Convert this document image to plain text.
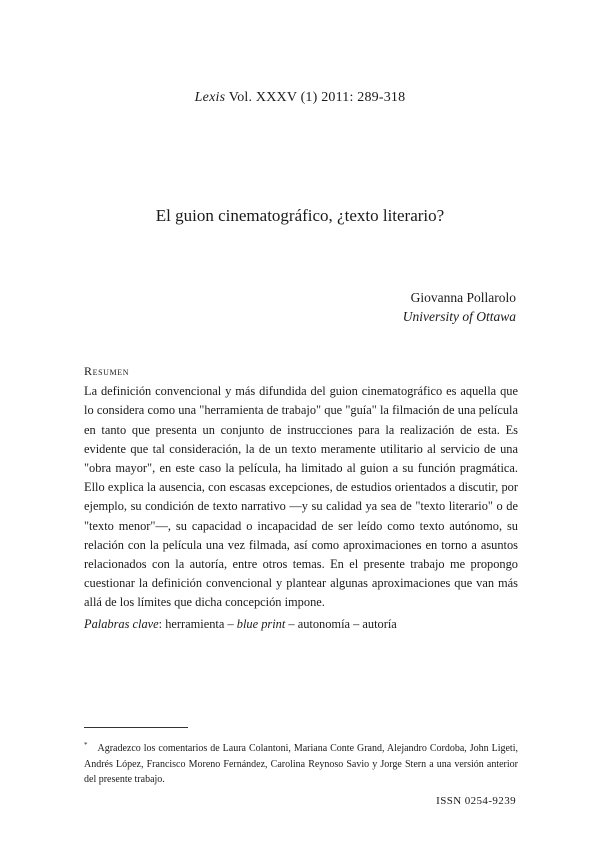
Lexis Vol. XXXV (1) 2011: 289-318
El guion cinematográfico, ¿texto literario?
Giovanna Pollarolo
University of Ottawa
Resumen

La definición convencional y más difundida del guion cinematográfico es aquella que lo considera como una "herramienta de trabajo" que "guía" la filmación de una película en tanto que presenta un conjunto de instrucciones para la realización de esta. Es evidente que tal consideración, la de un texto meramente utilitario al servicio de una "obra mayor", en este caso la película, ha limitado al guion a su función pragmática. Ello explica la ausencia, con escasas excepciones, de estudios orientados a discutir, por ejemplo, su condición de texto narrativo —y su calidad ya sea de "texto literario" o de "texto menor"—, su capacidad o incapacidad de ser leído como texto autónomo, su relación con la película una vez filmada, así como aproximaciones en torno a asuntos relacionados con la autoría, entre otros temas. En el presente trabajo me propongo cuestionar la definición convencional y plantear algunas aproximaciones que van más allá de los límites que dicha concepción impone.

Palabras clave: herramienta – blue print – autonomía – autoría
* Agradezco los comentarios de Laura Colantoni, Mariana Conte Grand, Alejandro Cordoba, John Ligeti, Andrés López, Francisco Moreno Fernández, Carolina Reynoso Savio y Jorge Stern a una versión anterior del presente trabajo.
ISSN 0254-9239
